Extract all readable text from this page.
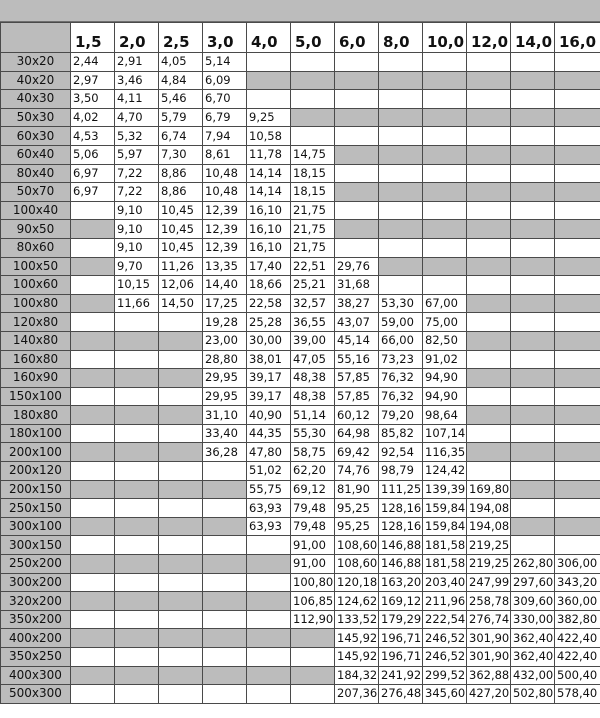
	1,5	2,0	2,5	3,0	4,0	5,0	6,0	8,0	10,0	12,0	14,0	16,0
30x20	2,44	2,91	4,05	5,14								
40x20	2,97	3,46	4,84	6,09								
40x30	3,50	4,11	5,46	6,70								
50x30	4,02	4,70	5,79	6,79	9,25							
60x30	4,53	5,32	6,74	7,94	10,58							
60x40	5,06	5,97	7,30	8,61	11,78	14,75						
80x40	6,97	7,22	8,86	10,48	14,14	18,15						
50x70	6,97	7,22	8,86	10,48	14,14	18,15						
100x40		9,10	10,45	12,39	16,10	21,75						
90x50		9,10	10,45	12,39	16,10	21,75						
80x60		9,10	10,45	12,39	16,10	21,75						
100x50		9,70	11,26	13,35	17,40	22,51	29,76					
100x60		10,15	12,06	14,40	18,66	25,21	31,68					
100x80		11,66	14,50	17,25	22,58	32,57	38,27	53,30	67,00			
120x80				19,28	25,28	36,55	43,07	59,00	75,00			
140x80				23,00	30,00	39,00	45,14	66,00	82,50			
160x80				28,80	38,01	47,05	55,16	73,23	91,02			
160x90				29,95	39,17	48,38	57,85	76,32	94,90			
150x100				29,95	39,17	48,38	57,85	76,32	94,90			
180x80				31,10	40,90	51,14	60,12	79,20	98,64			
180x100				33,40	44,35	55,30	64,98	85,82	107,14			
200x100				36,28	47,80	58,75	69,42	92,54	116,35			
200x120					51,02	62,20	74,76	98,79	124,42			
200x150					55,75	69,12	81,90	111,25	139,39	169,80		
250x150					63,93	79,48	95,25	128,16	159,84	194,08		
300x100					63,93	79,48	95,25	128,16	159,84	194,08		
300x150						91,00	108,60	146,88	181,58	219,25		
250x200						91,00	108,60	146,88	181,58	219,25	262,80	306,00
300x200						100,80	120,18	163,20	203,40	247,99	297,60	343,20
320x200						106,85	124,62	169,12	211,96	258,78	309,60	360,00
350x200						112,90	133,52	179,29	222,54	276,74	330,00	382,80
400x200							145,92	196,71	246,52	301,90	362,40	422,40
350x250							145,92	196,71	246,52	301,90	362,40	422,40
400x300							184,32	241,92	299,52	362,88	432,00	500,40
500x300							207,36	276,48	345,60	427,20	502,80	578,40
